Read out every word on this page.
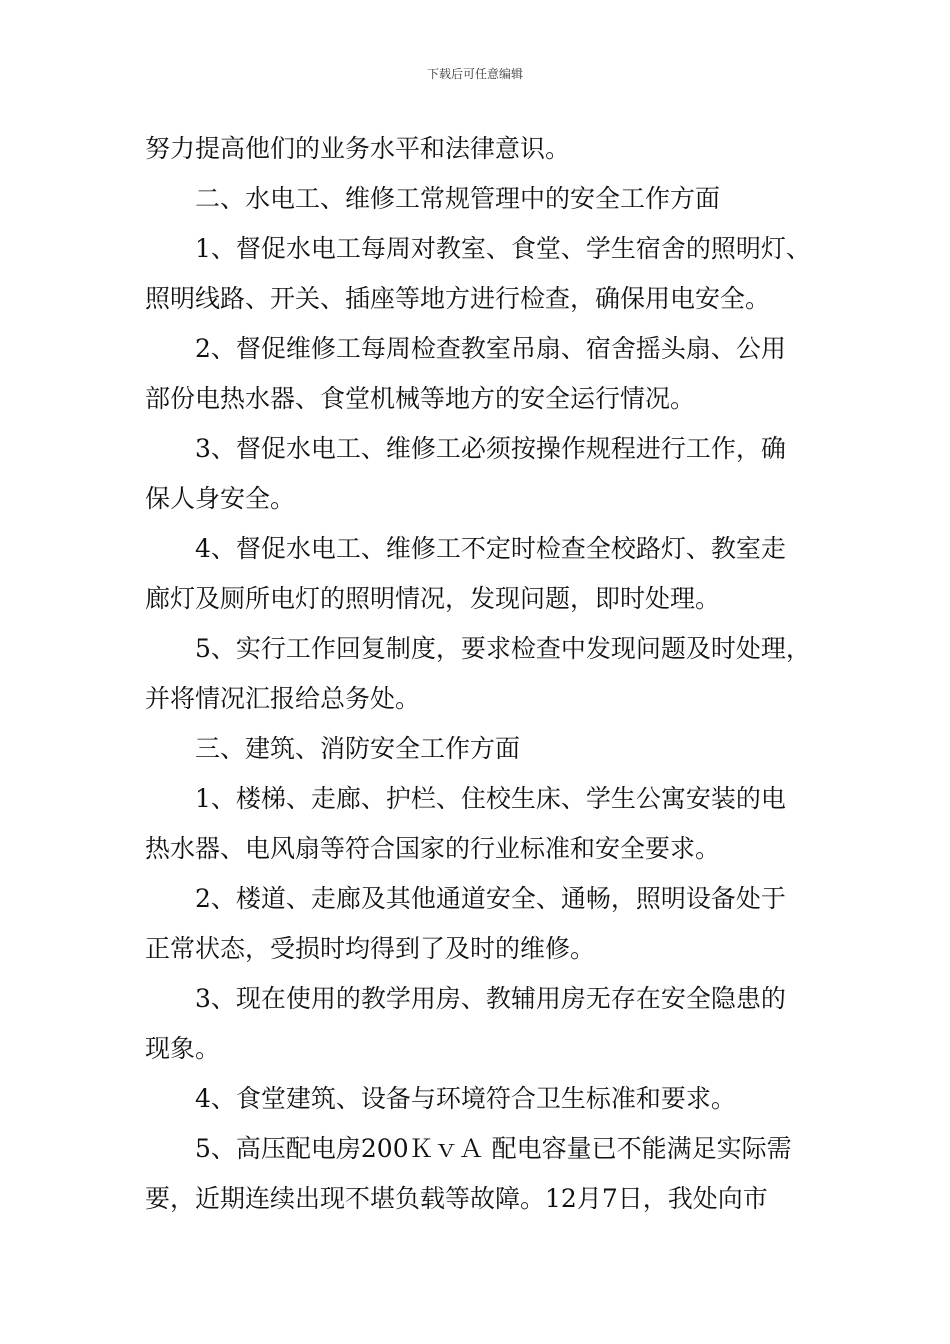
下载后可任意编辑
努力提高他们的业务水平和法律意识。
二、水电工、维修工常规管理中的安全工作方面
1、督促水电工每周对教室、食堂、学生宿舍的照明灯、
照明线路、开关、插座等地方进行检查，确保用电安全。
2、督促维修工每周检查教室吊扇、宿舍摇头扇、公用
部份电热水器、食堂机械等地方的安全运行情况。
3、督促水电工、维修工必须按操作规程进行工作，确
保人身安全。
4、督促水电工、维修工不定时检查全校路灯、教室走
廊灯及厕所电灯的照明情况，发现问题，即时处理。
5、实行工作回复制度，要求检查中发现问题及时处理，
并将情况汇报给总务处。
三、建筑、消防安全工作方面
1、楼梯、走廊、护栏、住校生床、学生公寓安装的电
热水器、电风扇等符合国家的行业标准和安全要求。
2、楼道、走廊及其他通道安全、通畅，照明设备处于
正常状态，受损时均得到了及时的维修。
3、现在使用的教学用房、教辅用房无存在安全隐患的
现象。
4、食堂建筑、设备与环境符合卫生标准和要求。
5、高压配电房200ＫｖＡ 配电容量已不能满足实际需
要，近期连续出现不堪负载等故障。12月7日，我处向市
